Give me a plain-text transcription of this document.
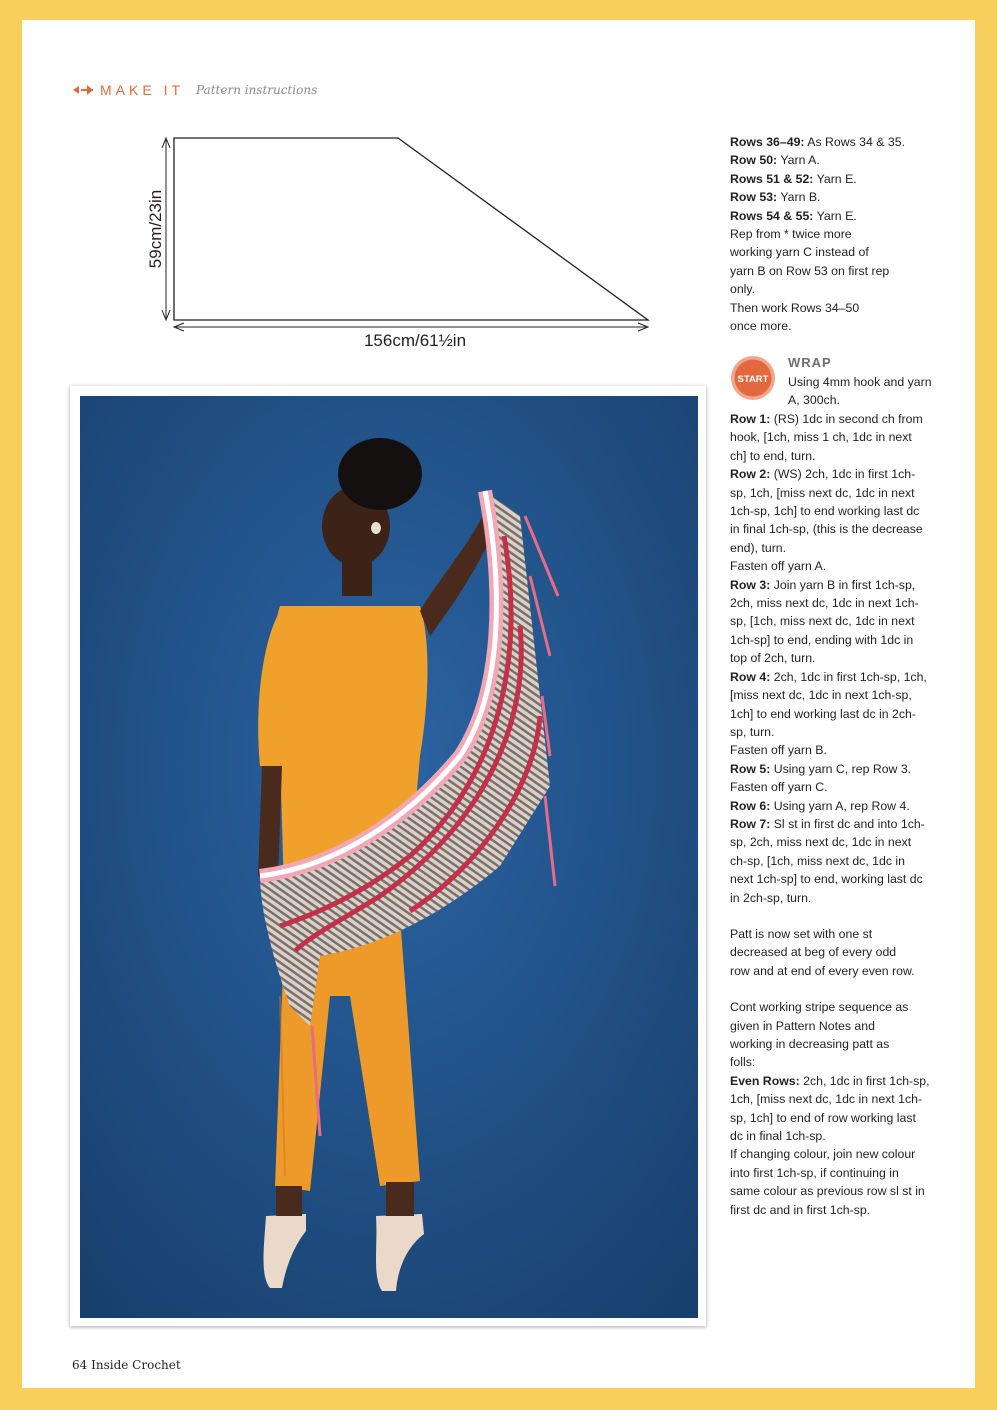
MAKE IT Pattern instructions
59cm/23in
156cm/61½in

Rows 36–49: As Rows 34 & 35.

Row 50: Yarn A.

Rows 51 & 52: Yarn E.

Row 53: Yarn B.

Rows 54 & 55: Yarn E.

Rep from * twice more working yarn C instead of yarn B on Row 53 on first rep only.

Then work Rows 34–50 once more.

START
WRAP
Using 4mm hook and yarn A, 300ch.

Row 1: (RS) 1dc in second ch from hook, [1ch, miss 1 ch, 1dc in next ch] to end, turn.

Row 2: (WS) 2ch, 1dc in first 1ch-sp, 1ch, [miss next dc, 1dc in next 1ch-sp, 1ch] to end working last dc in final 1ch-sp, (this is the decrease end), turn.

Fasten off yarn A.

Row 3: Join yarn B in first 1ch-sp, 2ch, miss next dc, 1dc in next 1ch-sp, [1ch, miss next dc, 1dc in next 1ch-sp] to end, ending with 1dc in top of 2ch, turn.

Row 4: 2ch, 1dc in first 1ch-sp, 1ch, [miss next dc, 1dc in next 1ch-sp, 1ch] to end working last dc in 2ch-sp, turn.

Fasten off yarn B.

Row 5: Using yarn C, rep Row 3.

Fasten off yarn C.

Row 6: Using yarn A, rep Row 4.

Row 7: Sl st in first dc and into 1ch-sp, 2ch, miss next dc, 1dc in next ch-sp, [1ch, miss next dc, 1dc in next 1ch-sp] to end, working last dc in 2ch-sp, turn.

Patt is now set with one st decreased at beg of every odd row and at end of every even row.

Cont working stripe sequence as given in Pattern Notes and working in decreasing patt as folls:

Even Rows: 2ch, 1dc in first 1ch-sp, 1ch, [miss next dc, 1dc in next 1ch-sp, 1ch] to end of row working last dc in final 1ch-sp.

If changing colour, join new colour into first 1ch-sp, if continuing in same colour as previous row sl st in first dc and in first 1ch-sp.

64 Inside Crochet
